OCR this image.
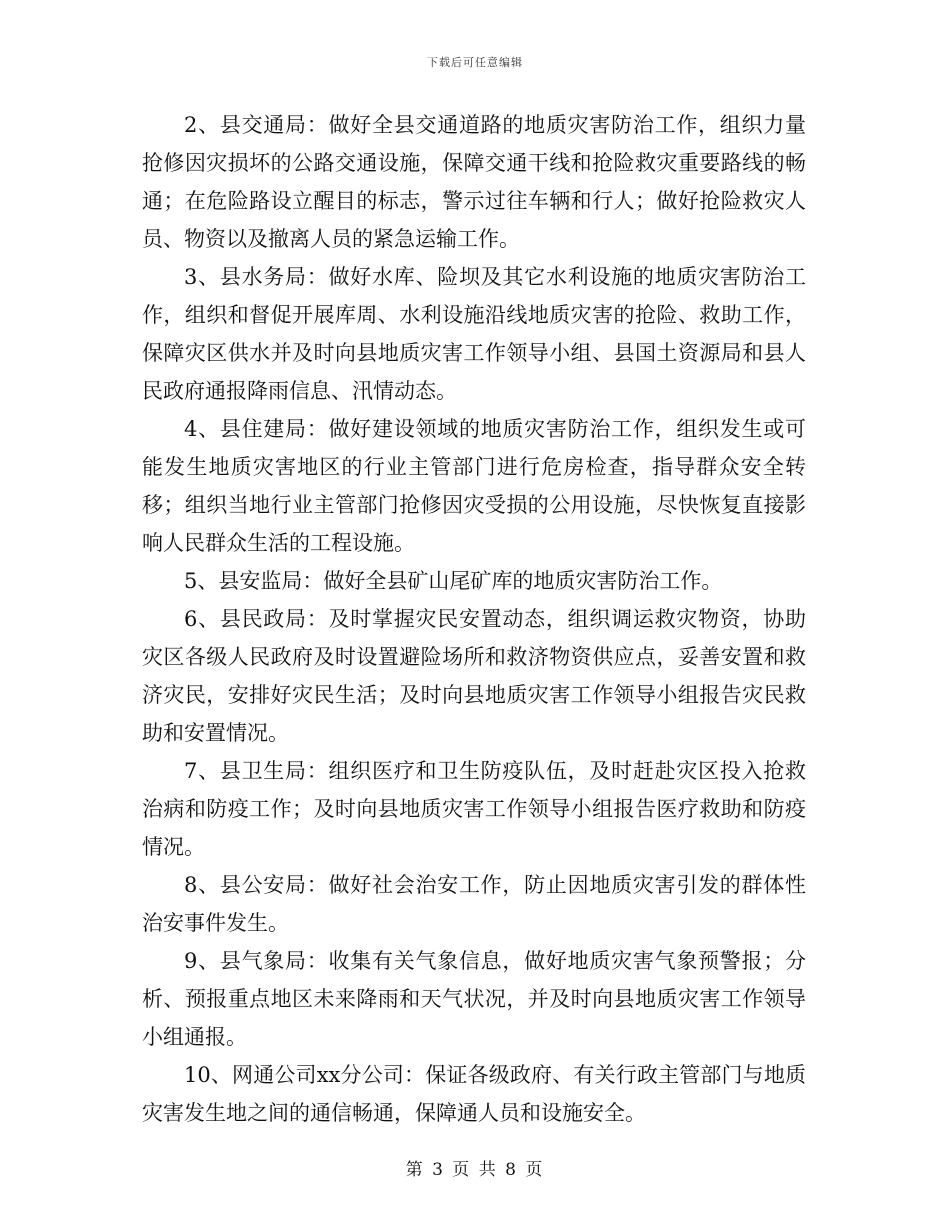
下载后可任意编辑

2、县交通局：做好全县交通道路的地质灾害防治工作，组织力量抢修因灾损坏的公路交通设施，保障交通干线和抢险救灾重要路线的畅通；在危险路设立醒目的标志，警示过往车辆和行人；做好抢险救灾人员、物资以及撤离人员的紧急运输工作。

3、县水务局：做好水库、险坝及其它水利设施的地质灾害防治工作，组织和督促开展库周、水利设施沿线地质灾害的抢险、救助工作，保障灾区供水并及时向县地质灾害工作领导小组、县国土资源局和县人民政府通报降雨信息、汛情动态。

4、县住建局：做好建设领域的地质灾害防治工作，组织发生或可能发生地质灾害地区的行业主管部门进行危房检查，指导群众安全转移；组织当地行业主管部门抢修因灾受损的公用设施，尽快恢复直接影响人民群众生活的工程设施。

5、县安监局：做好全县矿山尾矿库的地质灾害防治工作。

6、县民政局：及时掌握灾民安置动态，组织调运救灾物资，协助灾区各级人民政府及时设置避险场所和救济物资供应点，妥善安置和救济灾民，安排好灾民生活；及时向县地质灾害工作领导小组报告灾民救助和安置情况。

7、县卫生局：组织医疗和卫生防疫队伍，及时赶赴灾区投入抢救治病和防疫工作；及时向县地质灾害工作领导小组报告医疗救助和防疫情况。

8、县公安局：做好社会治安工作，防止因地质灾害引发的群体性治安事件发生。

9、县气象局：收集有关气象信息，做好地质灾害气象预警报；分析、预报重点地区未来降雨和天气状况，并及时向县地质灾害工作领导小组通报。

10、网通公司xx分公司：保证各级政府、有关行政主管部门与地质灾害发生地之间的通信畅通，保障通人员和设施安全。

第 3 页 共 8 页
